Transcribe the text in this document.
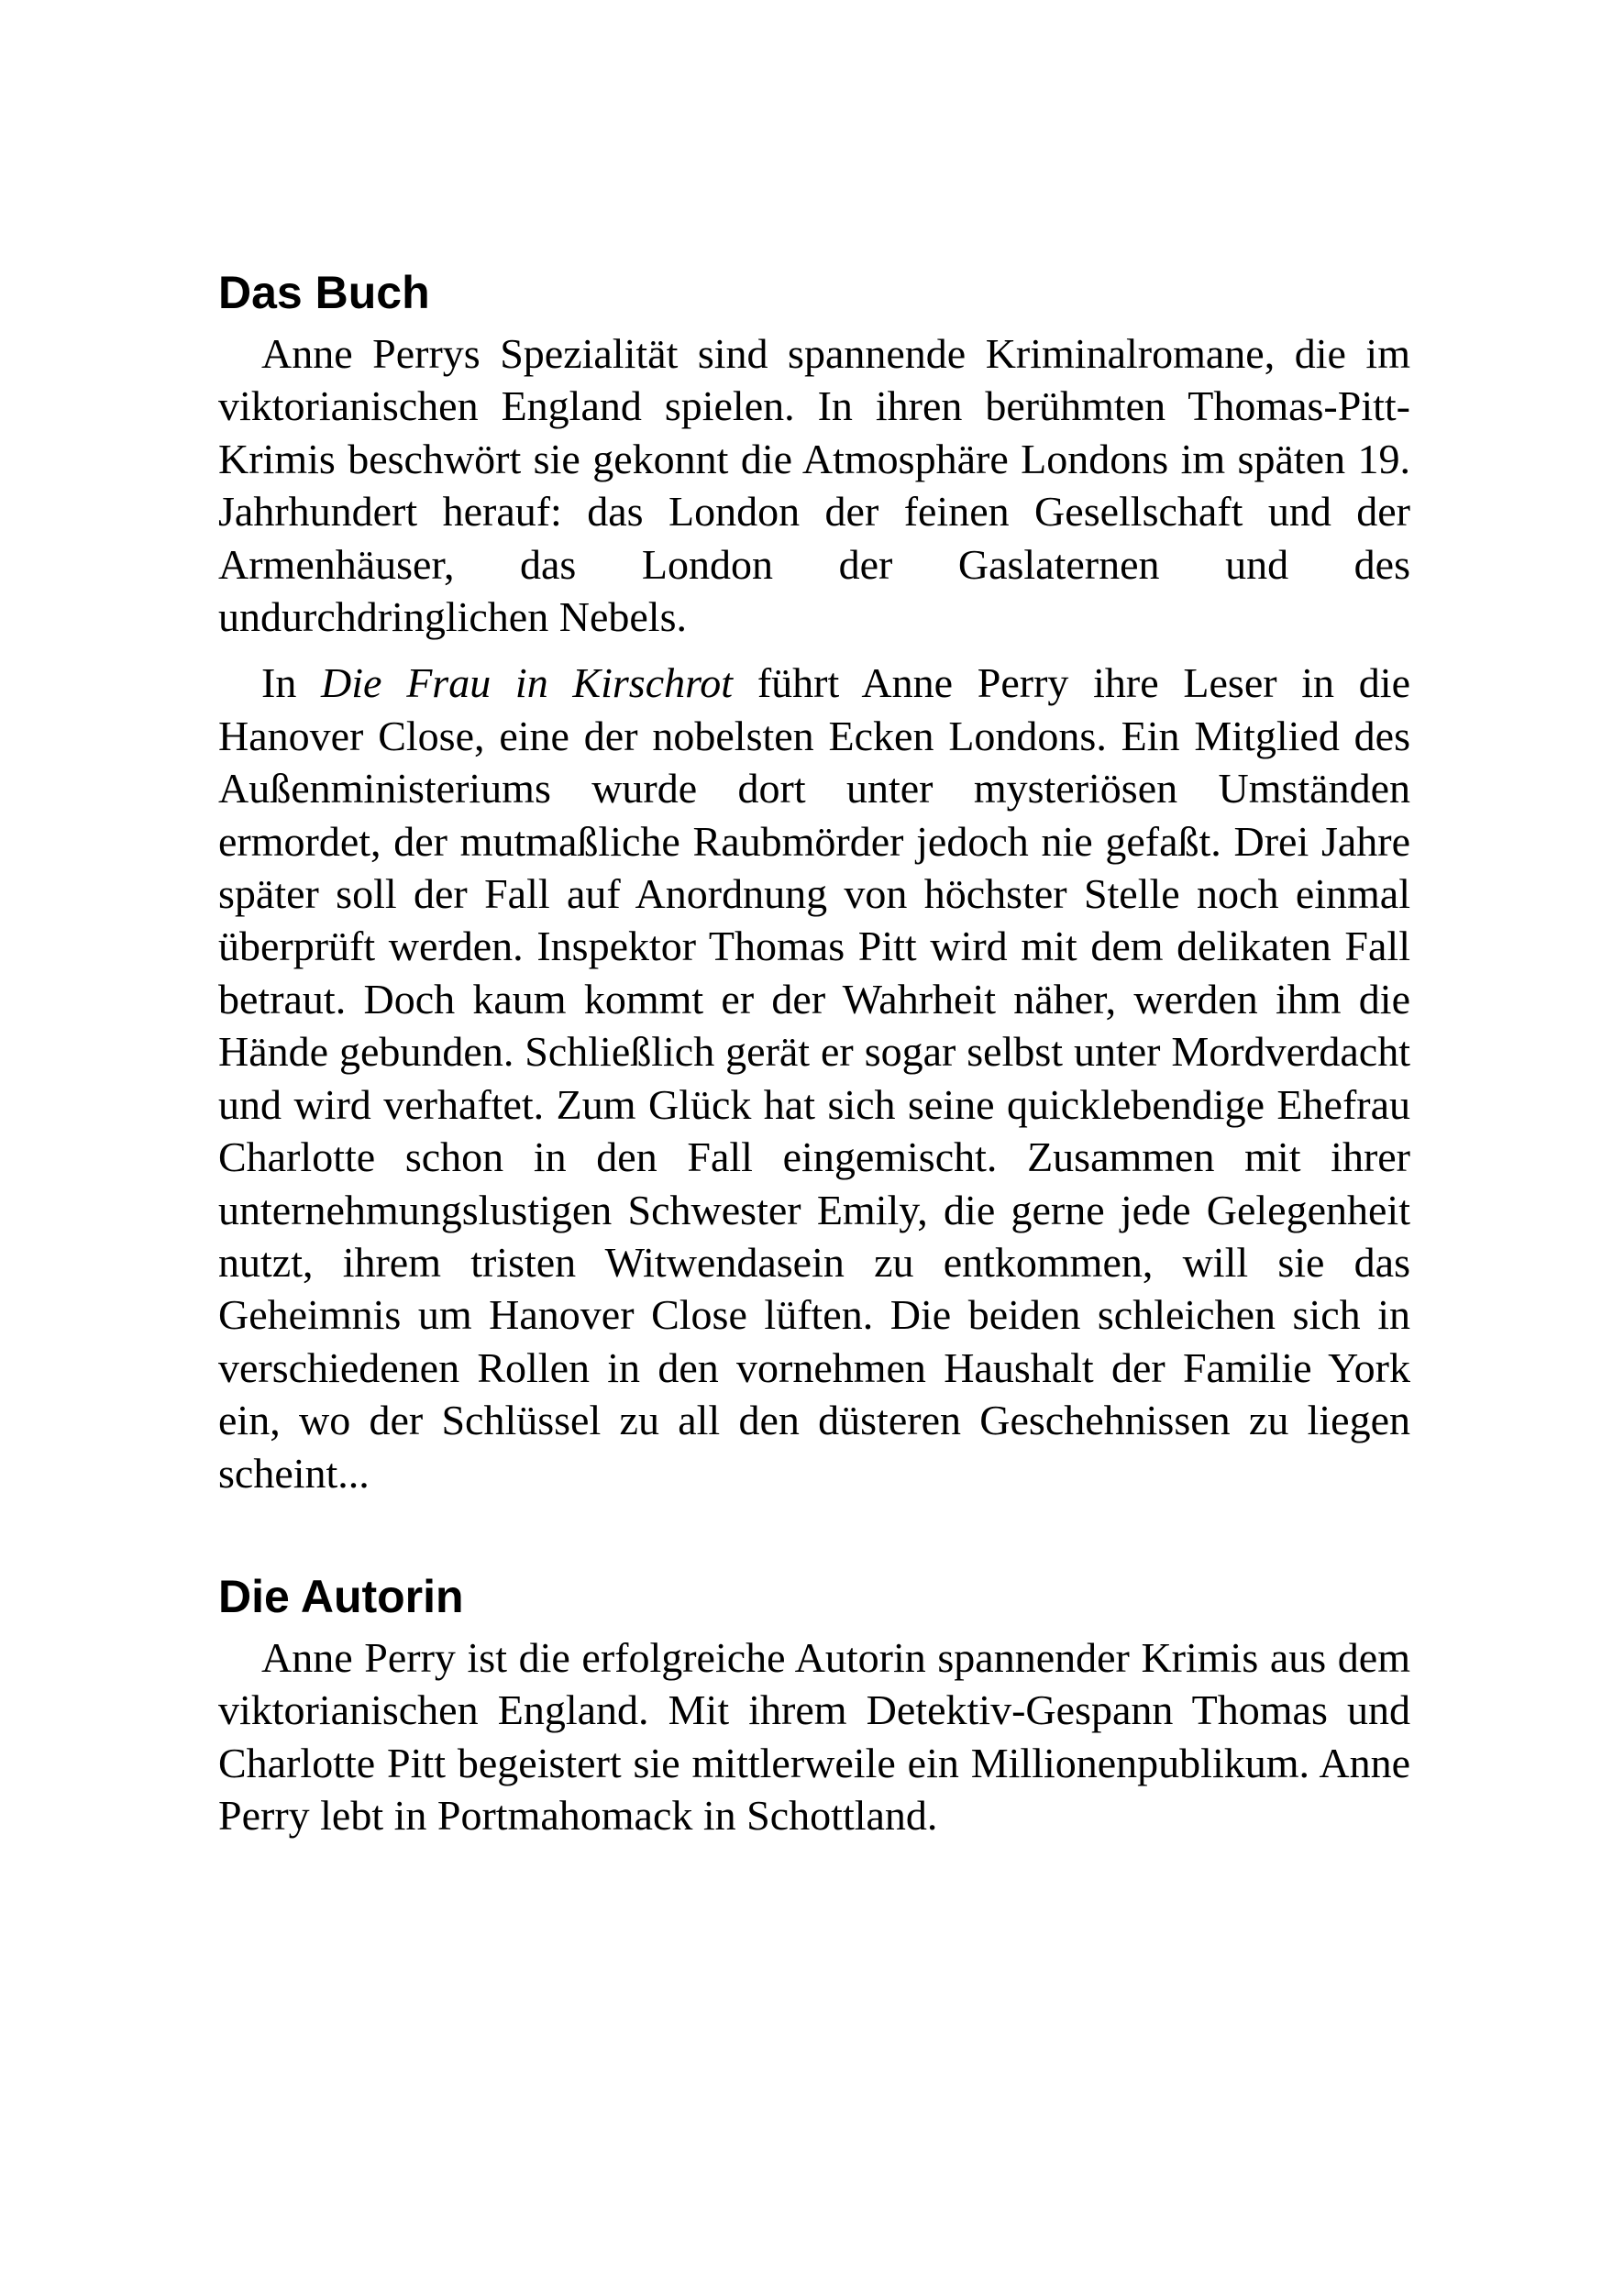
Das Buch

Anne Perrys Spezialität sind spannende Kriminalromane, die im viktorianischen England spielen. In ihren berühmten Thomas-Pitt-Krimis beschwört sie gekonnt die Atmosphäre Londons im späten 19. Jahrhundert herauf: das London der feinen Gesellschaft und der Armenhäuser, das London der Gaslaternen und des undurchdringlichen Nebels.

In Die Frau in Kirschrot führt Anne Perry ihre Leser in die Hanover Close, eine der nobelsten Ecken Londons. Ein Mitglied des Außenministeriums wurde dort unter mysteriösen Umständen ermordet, der mutmaßliche Raubmörder jedoch nie gefaßt. Drei Jahre später soll der Fall auf Anordnung von höchster Stelle noch einmal überprüft werden. Inspektor Thomas Pitt wird mit dem delikaten Fall betraut. Doch kaum kommt er der Wahrheit näher, werden ihm die Hände gebunden. Schließlich gerät er sogar selbst unter Mordverdacht und wird verhaftet. Zum Glück hat sich seine quicklebendige Ehefrau Charlotte schon in den Fall eingemischt. Zusammen mit ihrer unternehmungslustigen Schwester Emily, die gerne jede Gelegenheit nutzt, ihrem tristen Witwendasein zu entkommen, will sie das Geheimnis um Hanover Close lüften. Die beiden schleichen sich in verschiedenen Rollen in den vornehmen Haushalt der Familie York ein, wo der Schlüssel zu all den düsteren Geschehnissen zu liegen scheint...

Die Autorin

Anne Perry ist die erfolgreiche Autorin spannender Krimis aus dem viktorianischen England. Mit ihrem Detektiv-Gespann Thomas und Charlotte Pitt begeistert sie mittlerweile ein Millionenpublikum. Anne Perry lebt in Portmahomack in Schottland.
